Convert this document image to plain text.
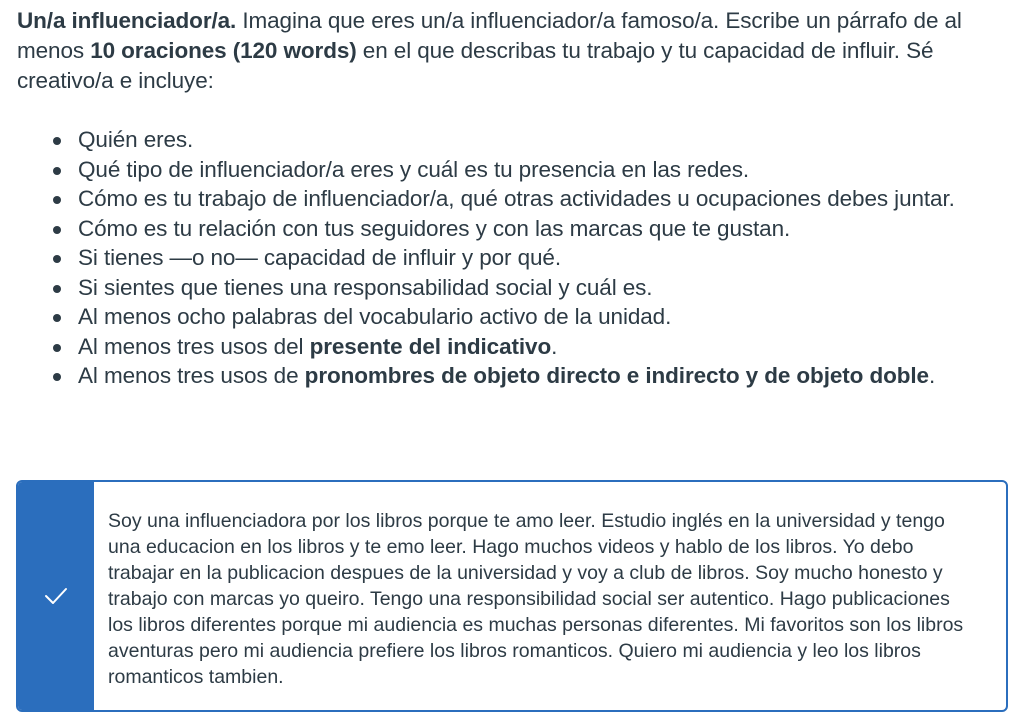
Un/a influenciador/a. Imagina que eres un/a influenciador/a famoso/a. Escribe un párrafo de al menos 10 oraciones (120 words) en el que describas tu trabajo y tu capacidad de influir. Sé creativo/a e incluye:

Quién eres.
Qué tipo de influenciador/a eres y cuál es tu presencia en las redes.
Cómo es tu trabajo de influenciador/a, qué otras actividades u ocupaciones debes juntar.
Cómo es tu relación con tus seguidores y con las marcas que te gustan.
Si tienes —o no— capacidad de influir y por qué.
Si sientes que tienes una responsabilidad social y cuál es.
Al menos ocho palabras del vocabulario activo de la unidad.
Al menos tres usos del presente del indicativo.
Al menos tres usos de pronombres de objeto directo e indirecto y de objeto doble.
Soy una influenciadora por los libros porque te amo leer. Estudio inglés en la universidad y tengo una educacion en los libros y te emo leer. Hago muchos videos y hablo de los libros. Yo debo trabajar en la publicacion despues de la universidad y voy a club de libros. Soy mucho honesto y trabajo con marcas yo queiro. Tengo una responsibilidad social ser autentico. Hago publicaciones los libros diferentes porque mi audiencia es muchas personas diferentes. Mi favoritos son los libros aventuras pero mi audiencia prefiere los libros romanticos. Quiero mi audiencia y leo los libros romanticos tambien.
